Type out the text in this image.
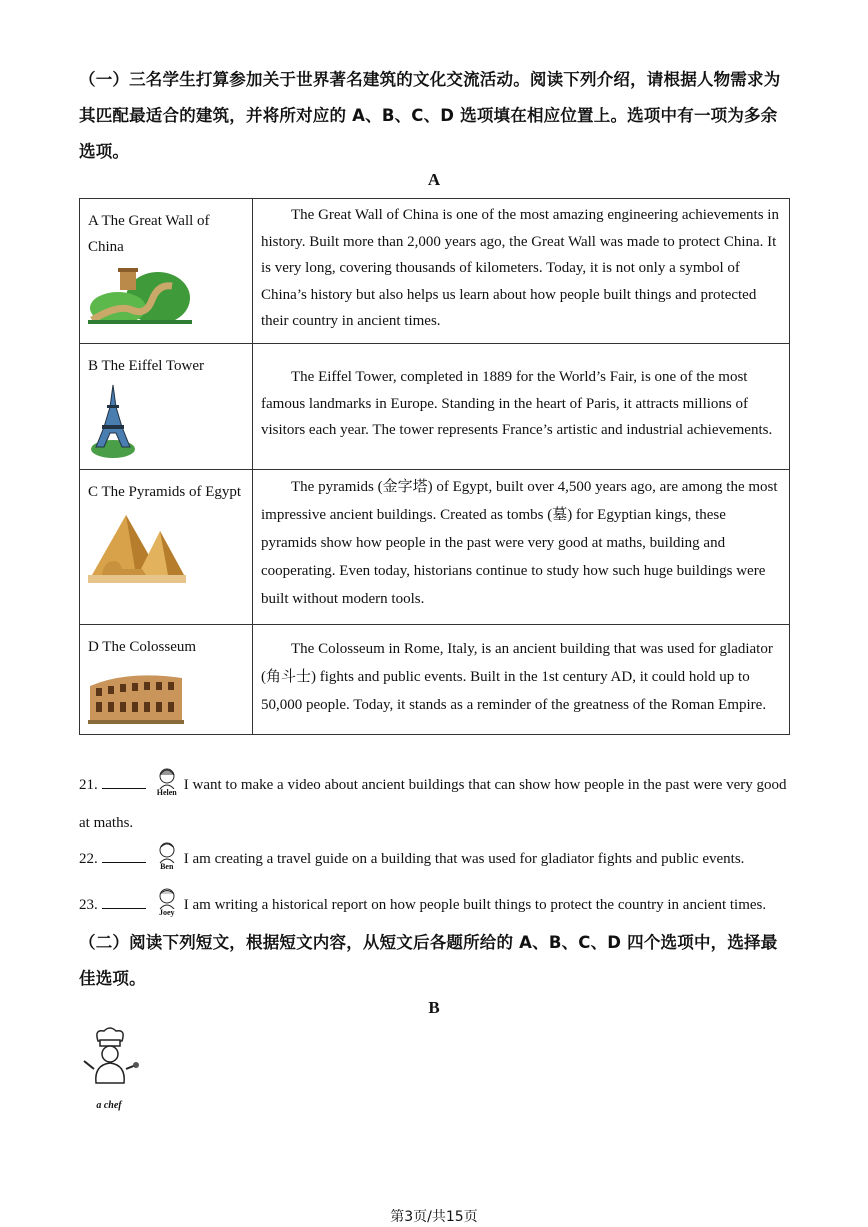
（一）三名学生打算参加关于世界著名建筑的文化交流活动。阅读下列介绍，请根据人物需求为其匹配最适合的建筑，并将所对应的 A、B、C、D 选项填在相应位置上。选项中有一项为多余选项。
A
A The Great Wall of China	The Great Wall of China is one of the most amazing engineering achievements in history. Built more than 2,000 years ago, the Great Wall was made to protect China. It is very long, covering thousands of kilometers. Today, it is not only a symbol of China’s history but also helps us learn about how people built things and protected their country in ancient times.

B The Eiffel Tower	The Eiffel Tower, completed in 1889 for the World’s Fair, is one of the most famous landmarks in Europe. Standing in the heart of Paris, it attracts millions of visitors each year. The tower represents France’s artistic and industrial achievements.

C The Pyramids of Egypt	The pyramids (金字塔) of Egypt, built over 4,500 years ago, are among the most impressive ancient buildings. Created as tombs (墓) for Egyptian kings, these pyramids show how people in the past were very good at maths, building and cooperating. Even today, historians continue to study how such huge buildings were built without modern tools.

D The Colosseum	The Colosseum in Rome, Italy, is an ancient building that was used for gladiator (角斗士) fights and public events. Built in the 1st century AD, it could hold up to 50,000 people. Today, it stands as a reminder of the greatness of the Roman Empire.
21.	Helen I want to make a video about ancient buildings that can show how people in the past were very good at maths.
22.	Ben I am creating a travel guide on a building that was used for gladiator fights and public events.
23.	Joey I am writing a historical report on how people built things to protect the country in ancient times.
（二）阅读下列短文，根据短文内容，从短文后各题所给的 A、B、C、D 四个选项中，选择最佳选项。
B
a chef
第3页/共15页
